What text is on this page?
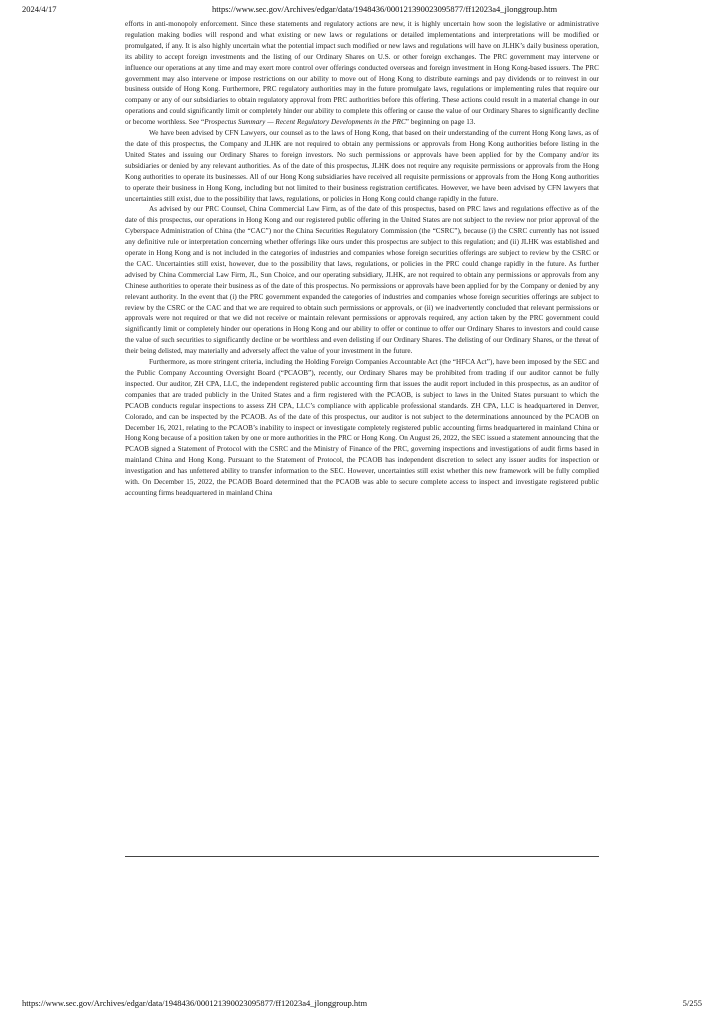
2024/4/17	https://www.sec.gov/Archives/edgar/data/1948436/000121390023095877/ff12023a4_jlonggroup.htm

efforts in anti-monopoly enforcement. Since these statements and regulatory actions are new, it is highly uncertain how soon the legislative or administrative regulation making bodies will respond and what existing or new laws or regulations or detailed implementations and interpretations will be modified or promulgated, if any. It is also highly uncertain what the potential impact such modified or new laws and regulations will have on JLHK’s daily business operation, its ability to accept foreign investments and the listing of our Ordinary Shares on U.S. or other foreign exchanges. The PRC government may intervene or influence our operations at any time and may exert more control over offerings conducted overseas and foreign investment in Hong Kong-based issuers. The PRC government may also intervene or impose restrictions on our ability to move out of Hong Kong to distribute earnings and pay dividends or to reinvest in our business outside of Hong Kong. Furthermore, PRC regulatory authorities may in the future promulgate laws, regulations or implementing rules that require our company or any of our subsidiaries to obtain regulatory approval from PRC authorities before this offering. These actions could result in a material change in our operations and could significantly limit or completely hinder our ability to complete this offering or cause the value of our Ordinary Shares to significantly decline or become worthless. See “Prospectus Summary — Recent Regulatory Developments in the PRC” beginning on page 13.

We have been advised by CFN Lawyers, our counsel as to the laws of Hong Kong, that based on their understanding of the current Hong Kong laws, as of the date of this prospectus, the Company and JLHK are not required to obtain any permissions or approvals from Hong Kong authorities before listing in the United States and issuing our Ordinary Shares to foreign investors. No such permissions or approvals have been applied for by the Company and/or its subsidiaries or denied by any relevant authorities. As of the date of this prospectus, JLHK does not require any requisite permissions or approvals from the Hong Kong authorities to operate its businesses. All of our Hong Kong subsidiaries have received all requisite permissions or approvals from the Hong Kong authorities to operate their business in Hong Kong, including but not limited to their business registration certificates. However, we have been advised by CFN lawyers that uncertainties still exist, due to the possibility that laws, regulations, or policies in Hong Kong could change rapidly in the future.

As advised by our PRC Counsel, China Commercial Law Firm, as of the date of this prospectus, based on PRC laws and regulations effective as of the date of this prospectus, our operations in Hong Kong and our registered public offering in the United States are not subject to the review nor prior approval of the Cyberspace Administration of China (the “CAC”) nor the China Securities Regulatory Commission (the “CSRC”), because (i) the CSRC currently has not issued any definitive rule or interpretation concerning whether offerings like ours under this prospectus are subject to this regulation; and (ii) JLHK was established and operate in Hong Kong and is not included in the categories of industries and companies whose foreign securities offerings are subject to review by the CSRC or the CAC. Uncertainties still exist, however, due to the possibility that laws, regulations, or policies in the PRC could change rapidly in the future. As further advised by China Commercial Law Firm, JL, Sun Choice, and our operating subsidiary, JLHK, are not required to obtain any permissions or approvals from any Chinese authorities to operate their business as of the date of this prospectus. No permissions or approvals have been applied for by the Company or denied by any relevant authority. In the event that (i) the PRC government expanded the categories of industries and companies whose foreign securities offerings are subject to review by the CSRC or the CAC and that we are required to obtain such permissions or approvals, or (ii) we inadvertently concluded that relevant permissions or approvals were not required or that we did not receive or maintain relevant permissions or approvals required, any action taken by the PRC government could significantly limit or completely hinder our operations in Hong Kong and our ability to offer or continue to offer our Ordinary Shares to investors and could cause the value of such securities to significantly decline or be worthless and even delisting if our Ordinary Shares. The delisting of our Ordinary Shares, or the threat of their being delisted, may materially and adversely affect the value of your investment in the future.

Furthermore, as more stringent criteria, including the Holding Foreign Companies Accountable Act (the “HFCA Act”), have been imposed by the SEC and the Public Company Accounting Oversight Board (“PCAOB”), recently, our Ordinary Shares may be prohibited from trading if our auditor cannot be fully inspected. Our auditor, ZH CPA, LLC, the independent registered public accounting firm that issues the audit report included in this prospectus, as an auditor of companies that are traded publicly in the United States and a firm registered with the PCAOB, is subject to laws in the United States pursuant to which the PCAOB conducts regular inspections to assess ZH CPA, LLC’s compliance with applicable professional standards. ZH CPA, LLC is headquartered in Denver, Colorado, and can be inspected by the PCAOB. As of the date of this prospectus, our auditor is not subject to the determinations announced by the PCAOB on December 16, 2021, relating to the PCAOB’s inability to inspect or investigate completely registered public accounting firms headquartered in mainland China or Hong Kong because of a position taken by one or more authorities in the PRC or Hong Kong. On August 26, 2022, the SEC issued a statement announcing that the PCAOB signed a Statement of Protocol with the CSRC and the Ministry of Finance of the PRC, governing inspections and investigations of audit firms based in mainland China and Hong Kong. Pursuant to the Statement of Protocol, the PCAOB has independent discretion to select any issuer audits for inspection or investigation and has unfettered ability to transfer information to the SEC. However, uncertainties still exist whether this new framework will be fully complied with. On December 15, 2022, the PCAOB Board determined that the PCAOB was able to secure complete access to inspect and investigate registered public accounting firms headquartered in mainland China

https://www.sec.gov/Archives/edgar/data/1948436/000121390023095877/ff12023a4_jlonggroup.htm	5/255
